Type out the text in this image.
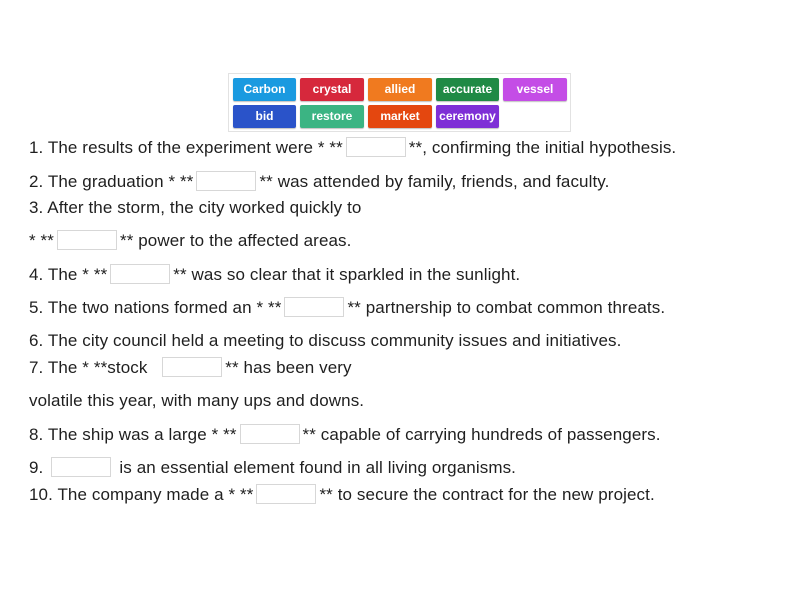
Carbon	crystal	allied	accurate	vessel
bid	restore	market	ceremony
1. The results of the experiment were * **	**, confirming the initial hypothesis.
2. The graduation * **	** was attended by family, friends, and faculty.
3. After the storm, the city worked quickly to
* **	** power to the affected areas.
4. The * **	** was so clear that it sparkled in the sunlight.
5. The two nations formed an * **	** partnership to combat common threats.
6. The city council held a meeting to discuss community issues and initiatives.
7. The * **stock	** has been very
volatile this year, with many ups and downs.
8. The ship was a large * **	** capable of carrying hundreds of passengers.
9.	is an essential element found in all living organisms.
10. The company made a * **	** to secure the contract for the new project.
